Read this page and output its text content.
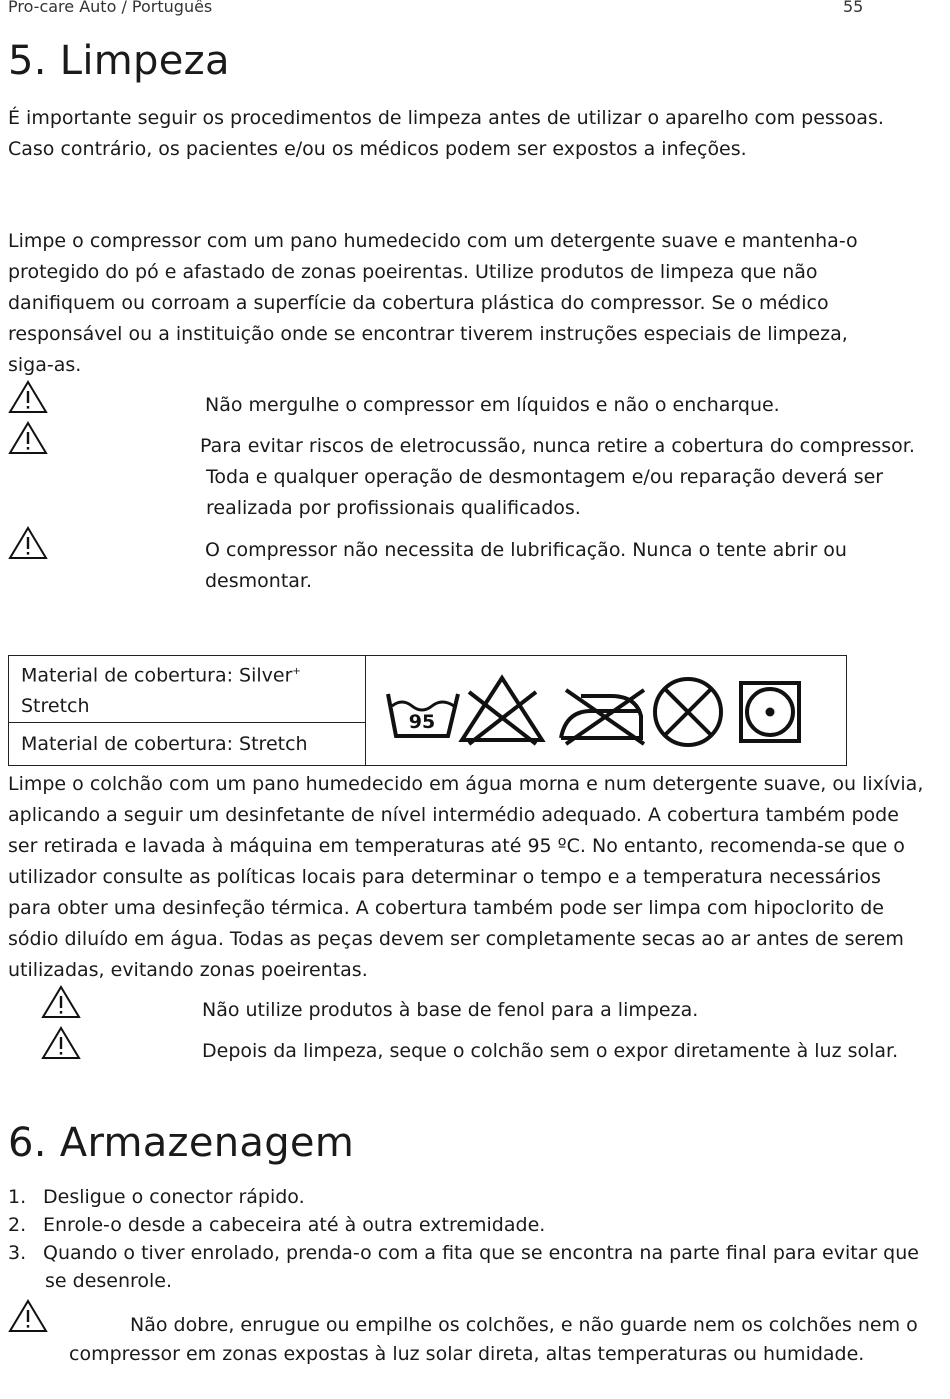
Pro-care Auto / Português	55
5. Limpeza
É importante seguir os procedimentos de limpeza antes de utilizar o aparelho com pessoas.
Caso contrário, os pacientes e/ou os médicos podem ser expostos a infeções.
Limpe o compressor com um pano humedecido com um detergente suave e mantenha-o
protegido do pó e afastado de zonas poeirentas. Utilize produtos de limpeza que não
danifiquem ou corroam a superfície da cobertura plástica do compressor. Se o médico
responsável ou a instituição onde se encontrar tiverem instruções especiais de limpeza,
siga-as.
Não mergulhe o compressor em líquidos e não o encharque.
Para evitar riscos de eletrocussão, nunca retire a cobertura do compressor.
Toda e qualquer operação de desmontagem e/ou reparação deverá ser
realizada por profissionais qualificados.
O compressor não necessita de lubrificação. Nunca o tente abrir ou
desmontar.
Material de cobertura: Silver+
Stretch	
95

Material de cobertura: Stretch
Limpe o colchão com um pano humedecido em água morna e num detergente suave, ou lixívia,
aplicando a seguir um desinfetante de nível intermédio adequado. A cobertura também pode
ser retirada e lavada à máquina em temperaturas até 95 ºC. No entanto, recomenda-se que o
utilizador consulte as políticas locais para determinar o tempo e a temperatura necessários
para obter uma desinfeção térmica. A cobertura também pode ser limpa com hipoclorito de
sódio diluído em água. Todas as peças devem ser completamente secas ao ar antes de serem
utilizadas, evitando zonas poeirentas.
Não utilize produtos à base de fenol para a limpeza.
Depois da limpeza, seque o colchão sem o expor diretamente à luz solar.
6. Armazenagem
1. Desligue o conector rápido.
2. Enrole-o desde a cabeceira até à outra extremidade.
3. Quando o tiver enrolado, prenda-o com a fita que se encontra na parte final para evitar que
se desenrole.
Não dobre, enrugue ou empilhe os colchões, e não guarde nem os colchões nem o
compressor em zonas expostas à luz solar direta, altas temperaturas ou humidade.
